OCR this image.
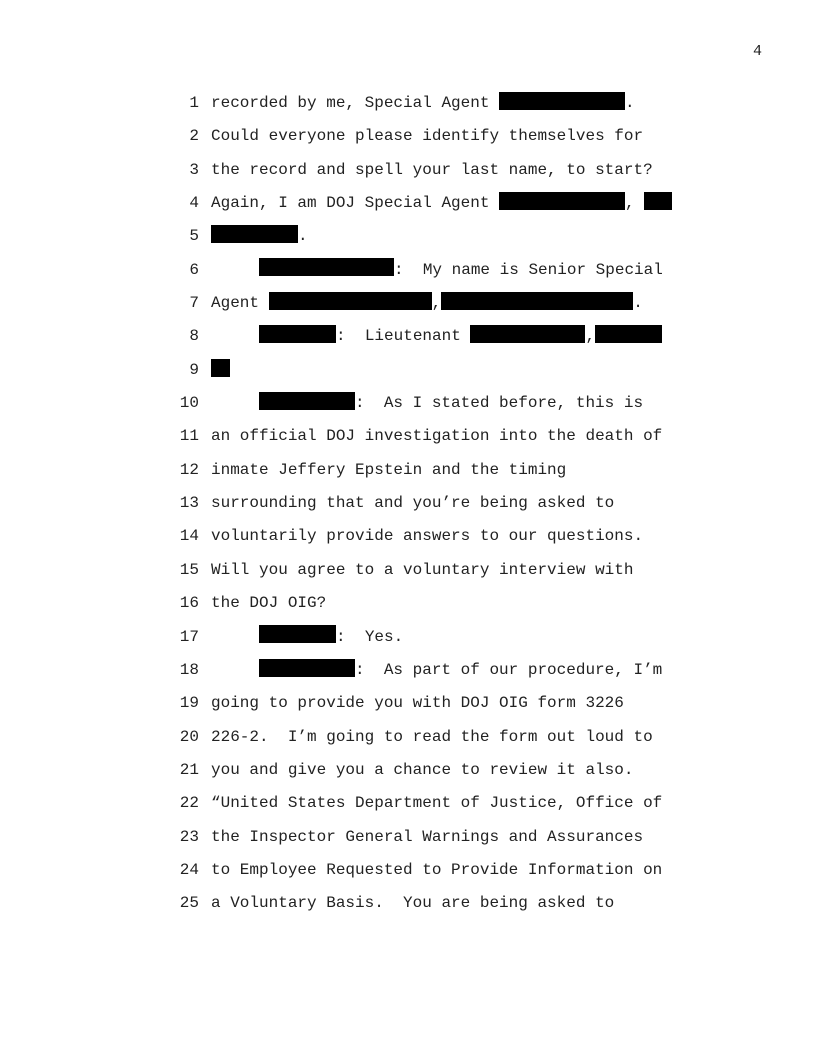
4
1 recorded by me, Special Agent	.
2 Could everyone please identify themselves for
3 the record and spell your last name, to start?
4 Again, I am DOJ Special Agent	,
5	.
6	:  My name is Senior Special
7 Agent	,	.
8	:  Lieutenant	,
9
10	:  As I stated before, this is
11 an official DOJ investigation into the death of
12 inmate Jeffery Epstein and the timing
13 surrounding that and you’re being asked to
14 voluntarily provide answers to our questions.
15 Will you agree to a voluntary interview with
16 the DOJ OIG?
17	:  Yes.
18	:  As part of our procedure, I’m
19 going to provide you with DOJ OIG form 3226
20 226-2.  I’m going to read the form out loud to
21 you and give you a chance to review it also.
22 “United States Department of Justice, Office of
23 the Inspector General Warnings and Assurances
24 to Employee Requested to Provide Information on
25 a Voluntary Basis.  You are being asked to
